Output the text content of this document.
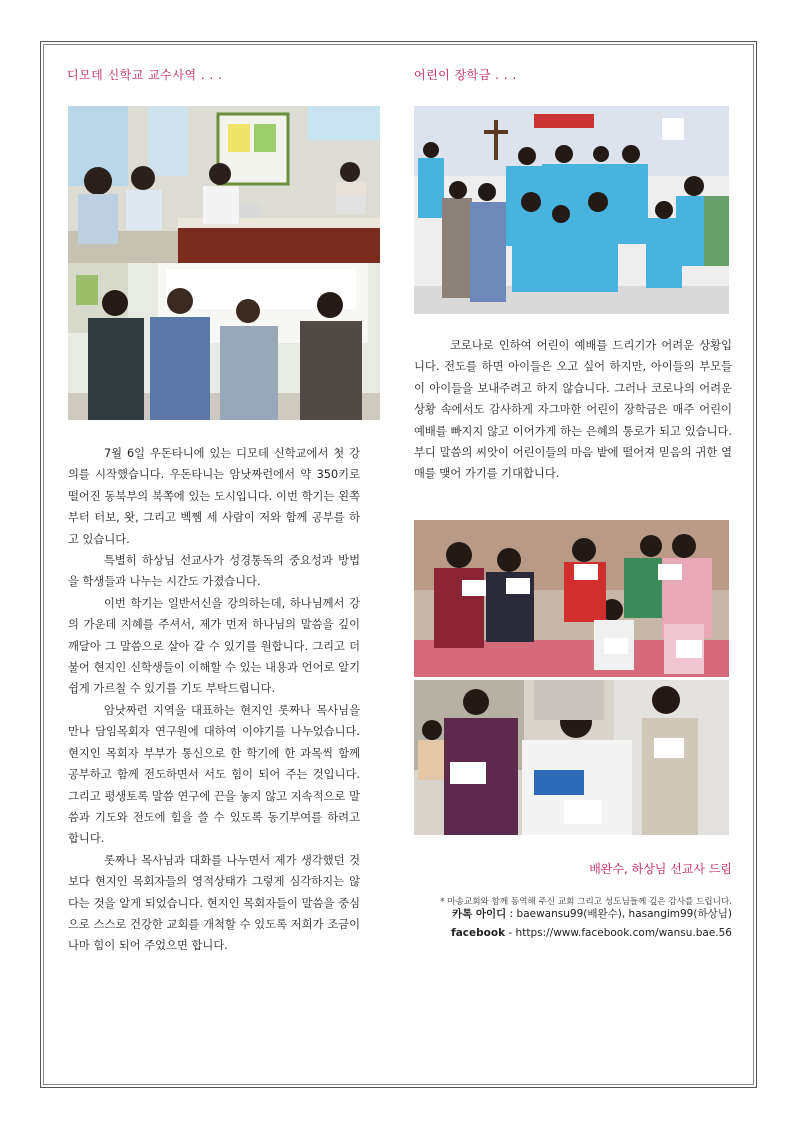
디모데 신학교 교수사역 . . .

7월 6일 우돈타니에 있는 디모데 신학교에서 첫 강의를 시작했습니다. 우돈타니는 암낫짜런에서 약 350키로 떨어진 동북부의 북쪽에 있는 도시입니다. 이번 학기는 왼쪽부터 터보, 왓, 그리고 벡쩸 세 사람이 저와 함께 공부를 하고 있습니다.

특별히 하상님 선교사가 성경통독의 중요성과 방법을 학생들과 나누는 시간도 가졌습니다.

이번 학기는 일반서신을 강의하는데, 하나님께서 강의 가운데 지혜를 주셔서, 제가 먼저 하나님의 말씀을 깊이 깨달아 그 말씀으로 살아 갈 수 있기를 원합니다. 그리고 더불어 현지인 신학생들이 이해할 수 있는 내용과 언어로 알기 쉽게 가르칠 수 있기를 기도 부탁드립니다.

암낫짜런 지역을 대표하는 현지인 롯짜나 목사님을 만나 담임목회자 연구원에 대하여 이야기를 나누었습니다. 현지인 목회자 부부가 통신으로 한 학기에 한 과목씩 함께 공부하고 함께 전도하면서 서도 힘이 되어 주는 것입니다. 그리고 평생토록 말씀 연구에 끈을 놓지 않고 지속적으로 말씀과 기도와 전도에 힘을 쓸 수 있도록 동기부여를 하려고 합니다.

롯짜나 목사님과 대화를 나누면서 제가 생각했던 것보다 현지인 목회자들의 영적상태가 그렇게 심각하지는 않다는 것을 알게 되었습니다. 현지인 목회자들이 말씀을 중심으로 스스로 건강한 교회를 개척할 수 있도록 저희가 조금이나마 힘이 되어 주었으면 합니다.

어린이 장학금 . . .

코로나로 인하여 어린이 예배를 드리기가 어려운 상황입니다. 전도를 하면 아이들은 오고 싶어 하지만, 아이들의 부모들이 아이들을 보내주려고 하지 않습니다. 그러나 코로나의 어려운 상황 속에서도 감사하게 자그마한 어린이 장학금은 매주 어린이 예배를 빠지지 않고 이어가게 하는 은혜의 통로가 되고 있습니다. 부디 말씀의 씨앗이 어린이들의 마음 밭에 떨어져 믿음의 귀한 열매를 맺어 가기를 기대합니다.

배완수, 하상님 선교사 드림
* 마송교회와 함께 동역해 주신 교회 그리고 성도님들께 깊은 감사를 드립니다.
카톡 아이디 : baewansu99(배완수), hasangim99(하상님)
facebook - https://www.facebook.com/wansu.bae.56
